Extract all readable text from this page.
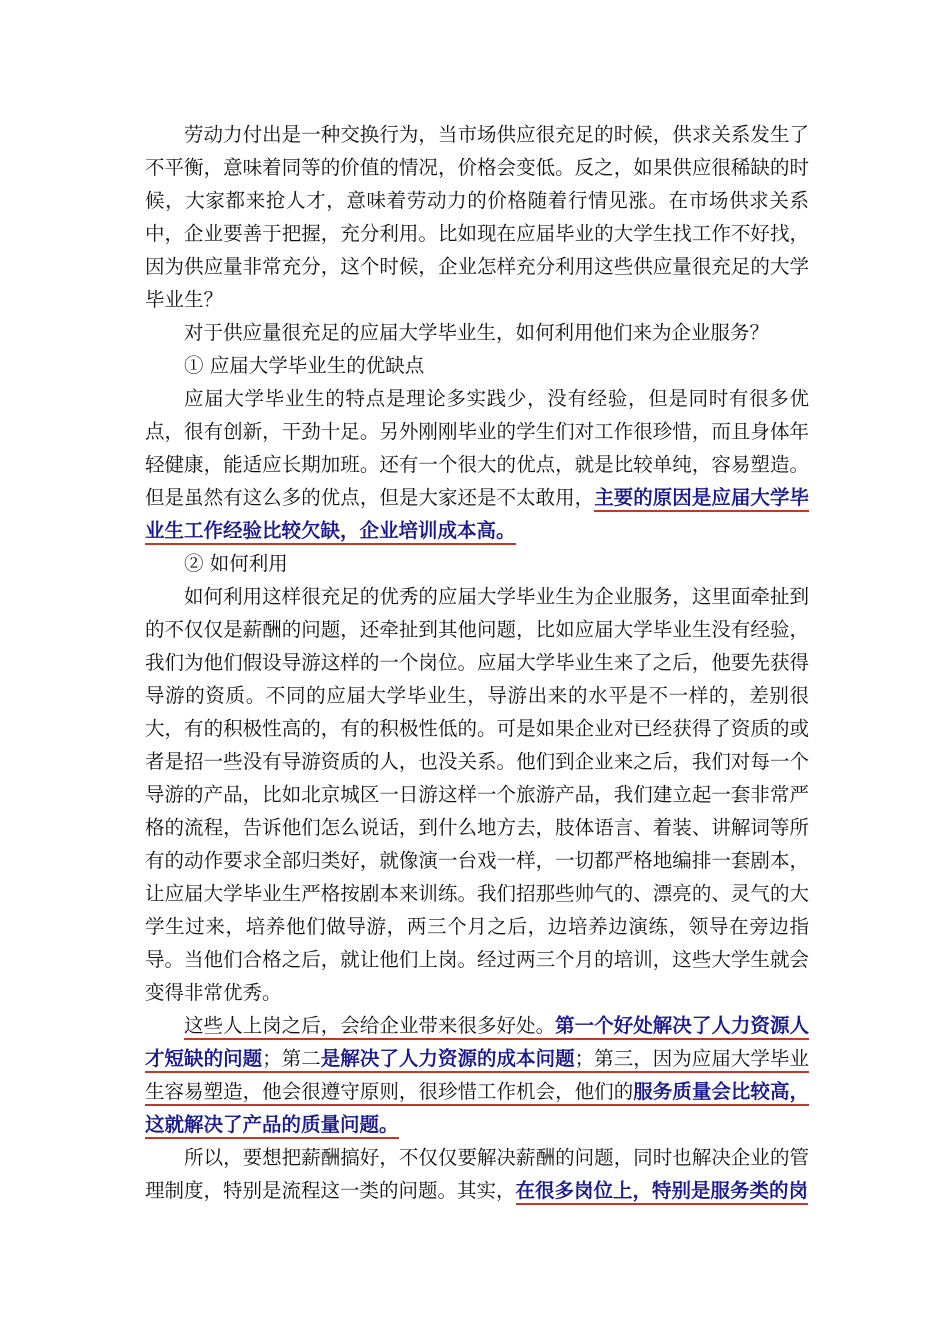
劳动力付出是一种交换行为，当市场供应很充足的时候，供求关系发生了不平衡，意味着同等的价值的情况，价格会变低。反之，如果供应很稀缺的时候，大家都来抢人才，意味着劳动力的价格随着行情见涨。在市场供求关系中，企业要善于把握，充分利用。比如现在应届毕业的大学生找工作不好找，因为供应量非常充分，这个时候，企业怎样充分利用这些供应量很充足的大学毕业生？

对于供应量很充足的应届大学毕业生，如何利用他们来为企业服务？

① 应届大学毕业生的优缺点

应届大学毕业生的特点是理论多实践少，没有经验，但是同时有很多优点，很有创新，干劲十足。另外刚刚毕业的学生们对工作很珍惜，而且身体年轻健康，能适应长期加班。还有一个很大的优点，就是比较单纯，容易塑造。但是虽然有这么多的优点，但是大家还是不太敢用，主要的原因是应届大学毕业生工作经验比较欠缺，企业培训成本高。

② 如何利用

如何利用这样很充足的优秀的应届大学毕业生为企业服务，这里面牵扯到的不仅仅是薪酬的问题，还牵扯到其他问题，比如应届大学毕业生没有经验，我们为他们假设导游这样的一个岗位。应届大学毕业生来了之后，他要先获得导游的资质。不同的应届大学毕业生，导游出来的水平是不一样的，差别很大，有的积极性高的，有的积极性低的。可是如果企业对已经获得了资质的或者是招一些没有导游资质的人，也没关系。他们到企业来之后，我们对每一个导游的产品，比如北京城区一日游这样一个旅游产品，我们建立起一套非常严格的流程，告诉他们怎么说话，到什么地方去，肢体语言、着装、讲解词等所有的动作要求全部归类好，就像演一台戏一样，一切都严格地编排一套剧本，让应届大学毕业生严格按剧本来训练。我们招那些帅气的、漂亮的、灵气的大学生过来，培养他们做导游，两三个月之后，边培养边演练，领导在旁边指导。当他们合格之后，就让他们上岗。经过两三个月的培训，这些大学生就会变得非常优秀。

这些人上岗之后，会给企业带来很多好处。第一个好处解决了人力资源人才短缺的问题；第二是解决了人力资源的成本问题；第三，因为应届大学毕业生容易塑造，他会很遵守原则，很珍惜工作机会，他们的服务质量会比较高，这就解决了产品的质量问题。

所以，要想把薪酬搞好，不仅仅要解决薪酬的问题，同时也解决企业的管理制度，特别是流程这一类的问题。其实，在很多岗位上，特别是服务类的岗
